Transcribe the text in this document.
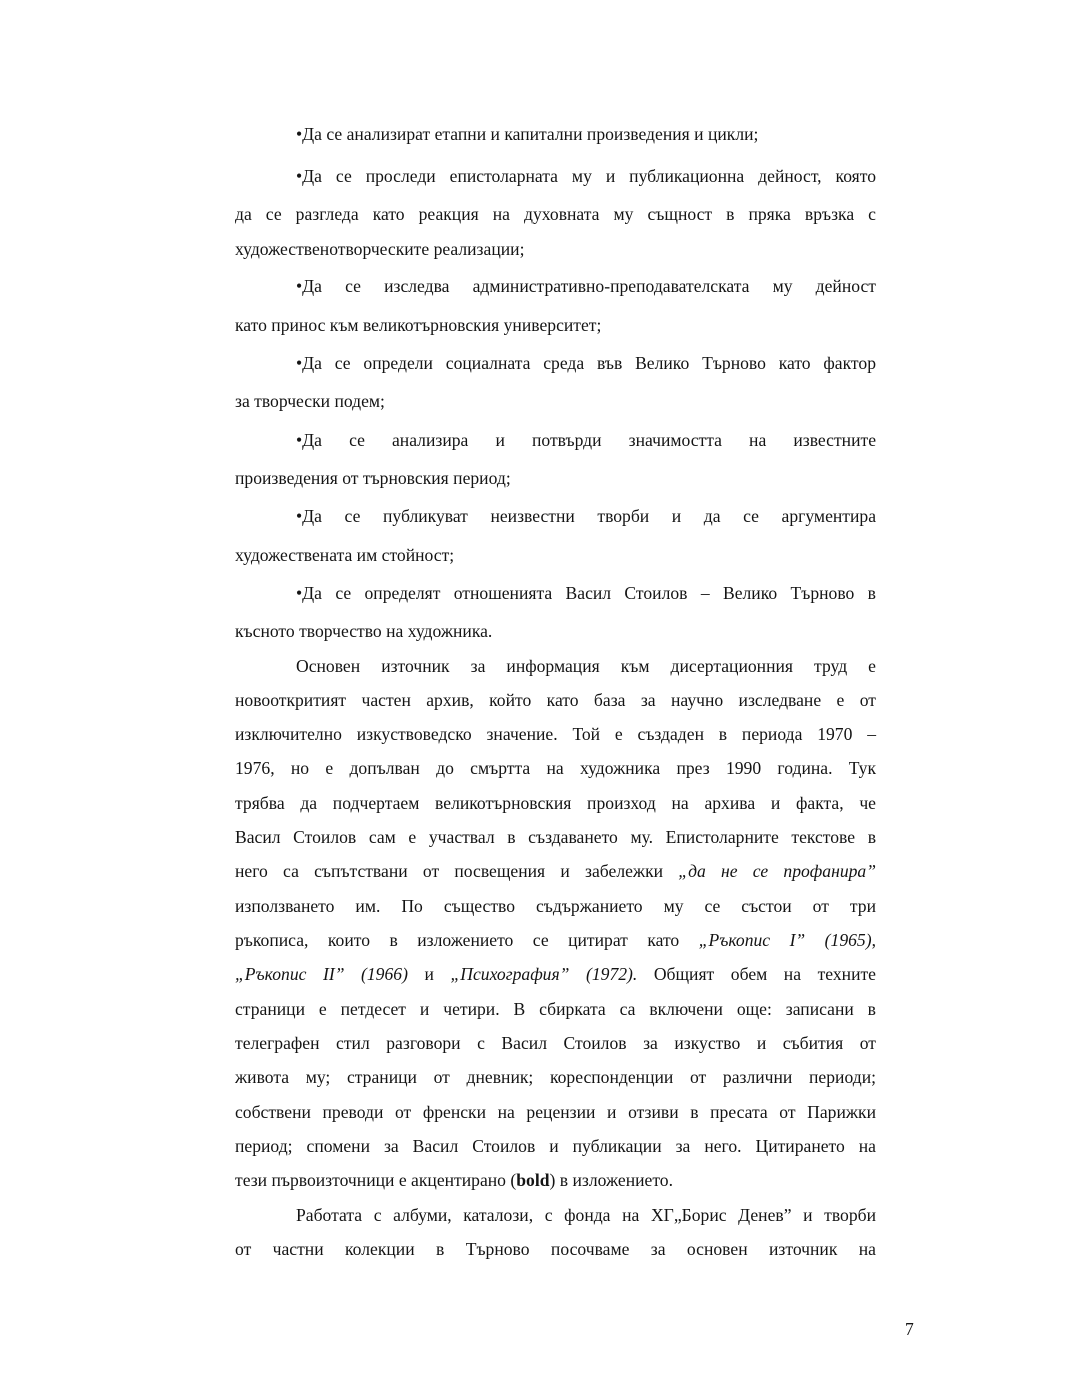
•Да се анализират етапни и капитални произведения и цикли;

•Да се проследи епистоларната му и публикационна дейност, която

да се разгледа като реакция на духовната му същност в пряка връзка с

художественотворческите реализации;

•Да се изследва административно-преподавателската му дейност

като принос към великотърновския университет;

•Да се определи социалната среда във Велико Търново като фактор

за творчески подем;

•Да се анализира и потвърди значимостта на известните

произведения от търновския период;

•Да се публикуват неизвестни творби и да се аргументира

художествената им стойност;

•Да се определят отношенията Васил Стоилов – Велико Търново в

късното творчество на художника.

Основен източник за информация към дисертационния труд е

новооткритият частен архив, който като база за научно изследване е от

изключително изкуствоведско значение. Той е създаден в периода 1970 –

1976, но е допълван до смъртта на художника през 1990 година. Тук

трябва да подчертаем великотърновския произход на архива и факта, че

Васил Стоилов сам е участвал в създаването му. Епистоларните текстове в

него са съпътствани от посвещения и забележки „да не се профанира”

използването им. По същество съдържанието му се състои от три

ръкописа, които в изложението се цитират като „Ръкопис I” (1965),

„Ръкопис II” (1966) и „Психография” (1972). Общият обем на техните

страници е петдесет и четири. В сбирката са включени още: записани в

телеграфен стил разговори с Васил Стоилов за изкуство и събития от

живота му; страници от дневник; кореспонденции от различни периоди;

собствени преводи от френски на рецензии и отзиви в пресата от Парижки

период; спомени за Васил Стоилов и публикации за него. Цитирането на

тези първоизточници е акцентирано (bold) в изложението.

Работата с албуми, каталози, с фонда на ХГ„Борис Денев” и творби

от частни колекции в Търново посочваме за основен източник на

7
